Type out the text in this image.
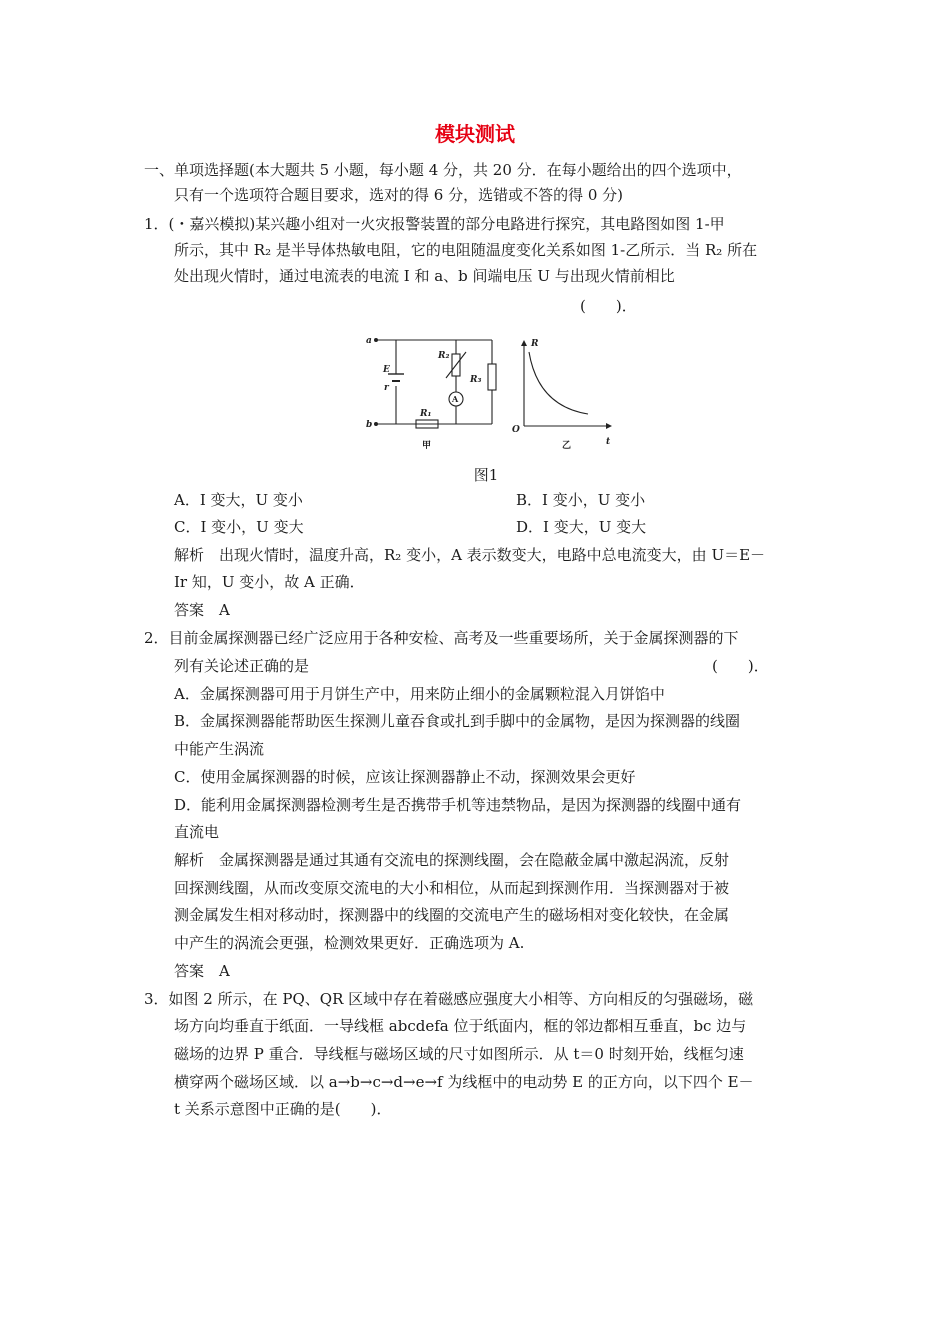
模块测试
一、单项选择题(本大题共 5 小题，每小题 4 分，共 20 分．在每小题给出的四个选项中，
只有一个选项符合题目要求，选对的得 6 分，选错或不答的得 0 分)
1．(・嘉兴模拟)某兴趣小组对一火灾报警装置的部分电路进行探究，其电路图如图 1-甲
所示，其中 R₂ 是半导体热敏电阻，它的电阻随温度变化关系如图 1-乙所示．当 R₂ 所在
处出现火情时，通过电流表的电流 I 和 a、b 间端电压 U 与出现火情前相比
(　　)．
a
b
E
r
R₂
R₃
R₁
A
R
O
t
甲	乙
图1
A．I 变大，U 变小	B．I 变小，U 变小
C．I 变小，U 变大	D．I 变大，U 变大
解析　出现火情时，温度升高，R₂ 变小，A 表示数变大，电路中总电流变大，由 U＝E－
Ir 知，U 变小，故 A 正确．
答案　A
2．目前金属探测器已经广泛应用于各种安检、高考及一些重要场所，关于金属探测器的下
列有关论述正确的是	(　　)．
A．金属探测器可用于月饼生产中，用来防止细小的金属颗粒混入月饼馅中
B．金属探测器能帮助医生探测儿童吞食或扎到手脚中的金属物，是因为探测器的线圈
中能产生涡流
C．使用金属探测器的时候，应该让探测器静止不动，探测效果会更好
D．能利用金属探测器检测考生是否携带手机等违禁物品，是因为探测器的线圈中通有
直流电
解析　金属探测器是通过其通有交流电的探测线圈，会在隐蔽金属中激起涡流，反射
回探测线圈，从而改变原交流电的大小和相位，从而起到探测作用．当探测器对于被
测金属发生相对移动时，探测器中的线圈的交流电产生的磁场相对变化较快，在金属
中产生的涡流会更强，检测效果更好．正确选项为 A.
答案　A
3．如图 2 所示，在 PQ、QR 区域中存在着磁感应强度大小相等、方向相反的匀强磁场，磁
场方向均垂直于纸面．一导线框 abcdefa 位于纸面内，框的邻边都相互垂直，bc 边与
磁场的边界 P 重合．导线框与磁场区域的尺寸如图所示．从 t＝0 时刻开始，线框匀速
横穿两个磁场区域．以 a→b→c→d→e→f 为线框中的电动势 E 的正方向，以下四个 E－
t 关系示意图中正确的是(　　)．
